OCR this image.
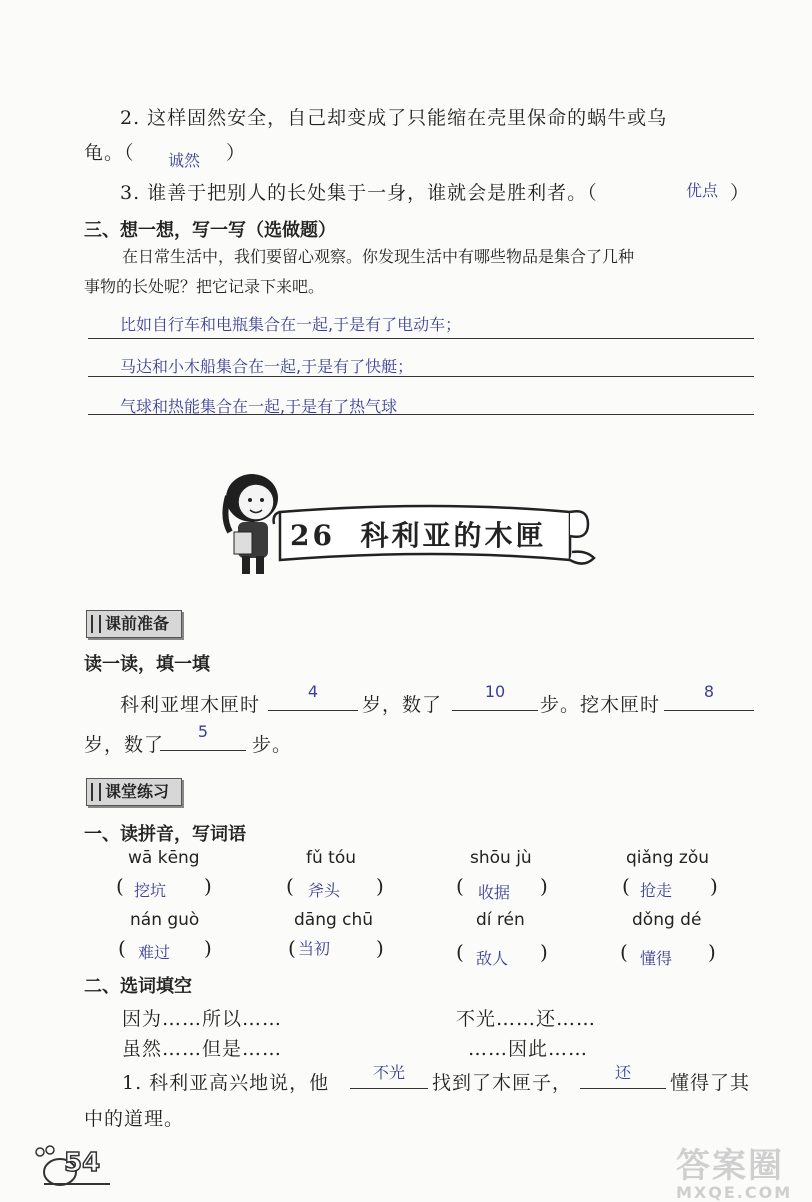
2. 这样固然安全，自己却变成了只能缩在壳里保命的蜗牛或乌
龟。（ 诚然 ）
3. 谁善于把别人的长处集于一身，谁就会是胜利者。（	优点 ）
三、想一想，写一写（选做题）
在日常生活中，我们要留心观察。你发现生活中有哪些物品是集合了几种
事物的长处呢？把它记录下来吧。
比如自行车和电瓶集合在一起,于是有了电动车；
马达和小木船集合在一起,于是有了快艇；
气球和热能集合在一起,于是有了热气球
26 科利亚的木匣
课前准备
读一读，填一填
科利亚埋木匣时
4
岁，数了
10
步。挖木匣时
8
岁，数了
5
步。
课堂练习
一、读拼音，写词语
wā kēng	fǔ tóu	shōu jù	qiǎng zǒu
( 挖坑 )	( 斧头 )	( 收据 )	( 抢走 )
nán guò	dāng chū	dí rén	dǒng dé
( 难过 )	( 当初 )	( 敌人 )	( 懂得 )
二、选词填空
因为……所以……	不光……还……
虽然……但是……	……因此……
1. 科利亚高兴地说，他	不光	找到了木匣子，	还	懂得了其
中的道理。
54	答案圈
MXQE.COM
